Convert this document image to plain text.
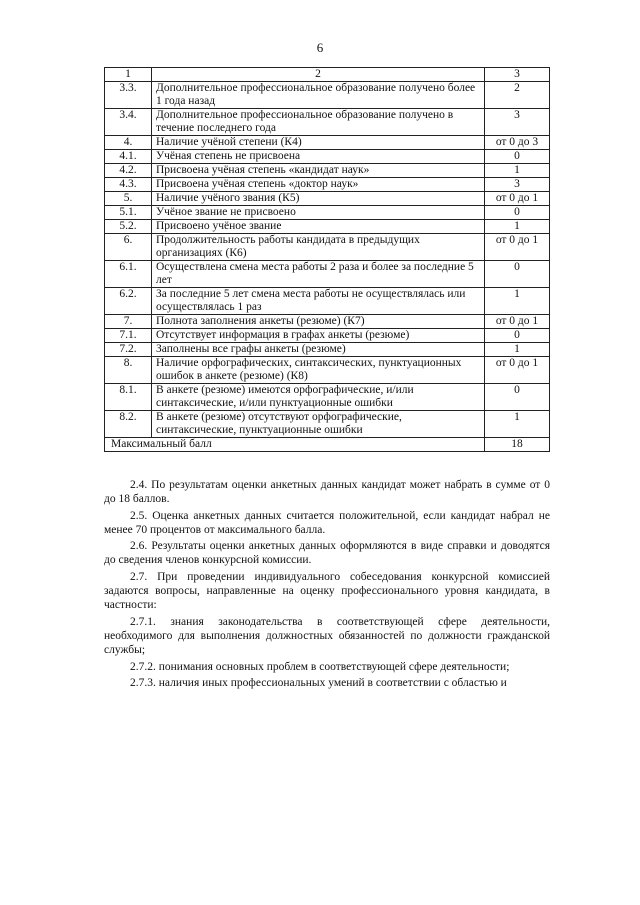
6
1	2	3
3.3.	Дополнительное профессиональное образование получено более 1 года назад	2
3.4.	Дополнительное профессиональное образование получено в течение последнего года	3
4.	Наличие учёной степени (К4)	от 0 до 3
4.1.	Учёная степень не присвоена	0
4.2.	Присвоена учёная степень «кандидат наук»	1
4.3.	Присвоена учёная степень «доктор наук»	3
5.	Наличие учёного звания (К5)	от 0 до 1
5.1.	Учёное звание не присвоено	0
5.2.	Присвоено учёное звание	1
6.	Продолжительность работы кандидата в предыдущих организациях (К6)	от 0 до 1
6.1.	Осуществлена смена места работы 2 раза и более за последние 5 лет	0
6.2.	За последние 5 лет смена места работы не осуществлялась или осуществлялась 1 раз	1
7.	Полнота заполнения анкеты (резюме) (К7)	от 0 до 1
7.1.	Отсутствует информация в графах анкеты (резюме)	0
7.2.	Заполнены все графы анкеты (резюме)	1
8.	Наличие орфографических, синтаксических, пунктуационных ошибок в анкете (резюме) (К8)	от 0 до 1
8.1.	В анкете (резюме) имеются орфографические, и/или синтаксические, и/или пунктуационные ошибки	0
8.2.	В анкете (резюме) отсутствуют орфографические, синтаксические, пунктуационные ошибки	1
Максимальный балл		18

2.4. По результатам оценки анкетных данных кандидат может набрать в сумме от 0 до 18 баллов.

2.5. Оценка анкетных данных считается положительной, если кандидат набрал не менее 70 процентов от максимального балла.

2.6. Результаты оценки анкетных данных оформляются в виде справки и доводятся до сведения членов конкурсной комиссии.

2.7. При проведении индивидуального собеседования конкурсной комиссией задаются вопросы, направленные на оценку профессионального уровня кандидата, в частности:

2.7.1. знания законодательства в соответствующей сфере деятельности, необходимого для выполнения должностных обязанностей по должности гражданской службы;

2.7.2. понимания основных проблем в соответствующей сфере деятельности;

2.7.3. наличия иных профессиональных умений в соответствии с областью и
